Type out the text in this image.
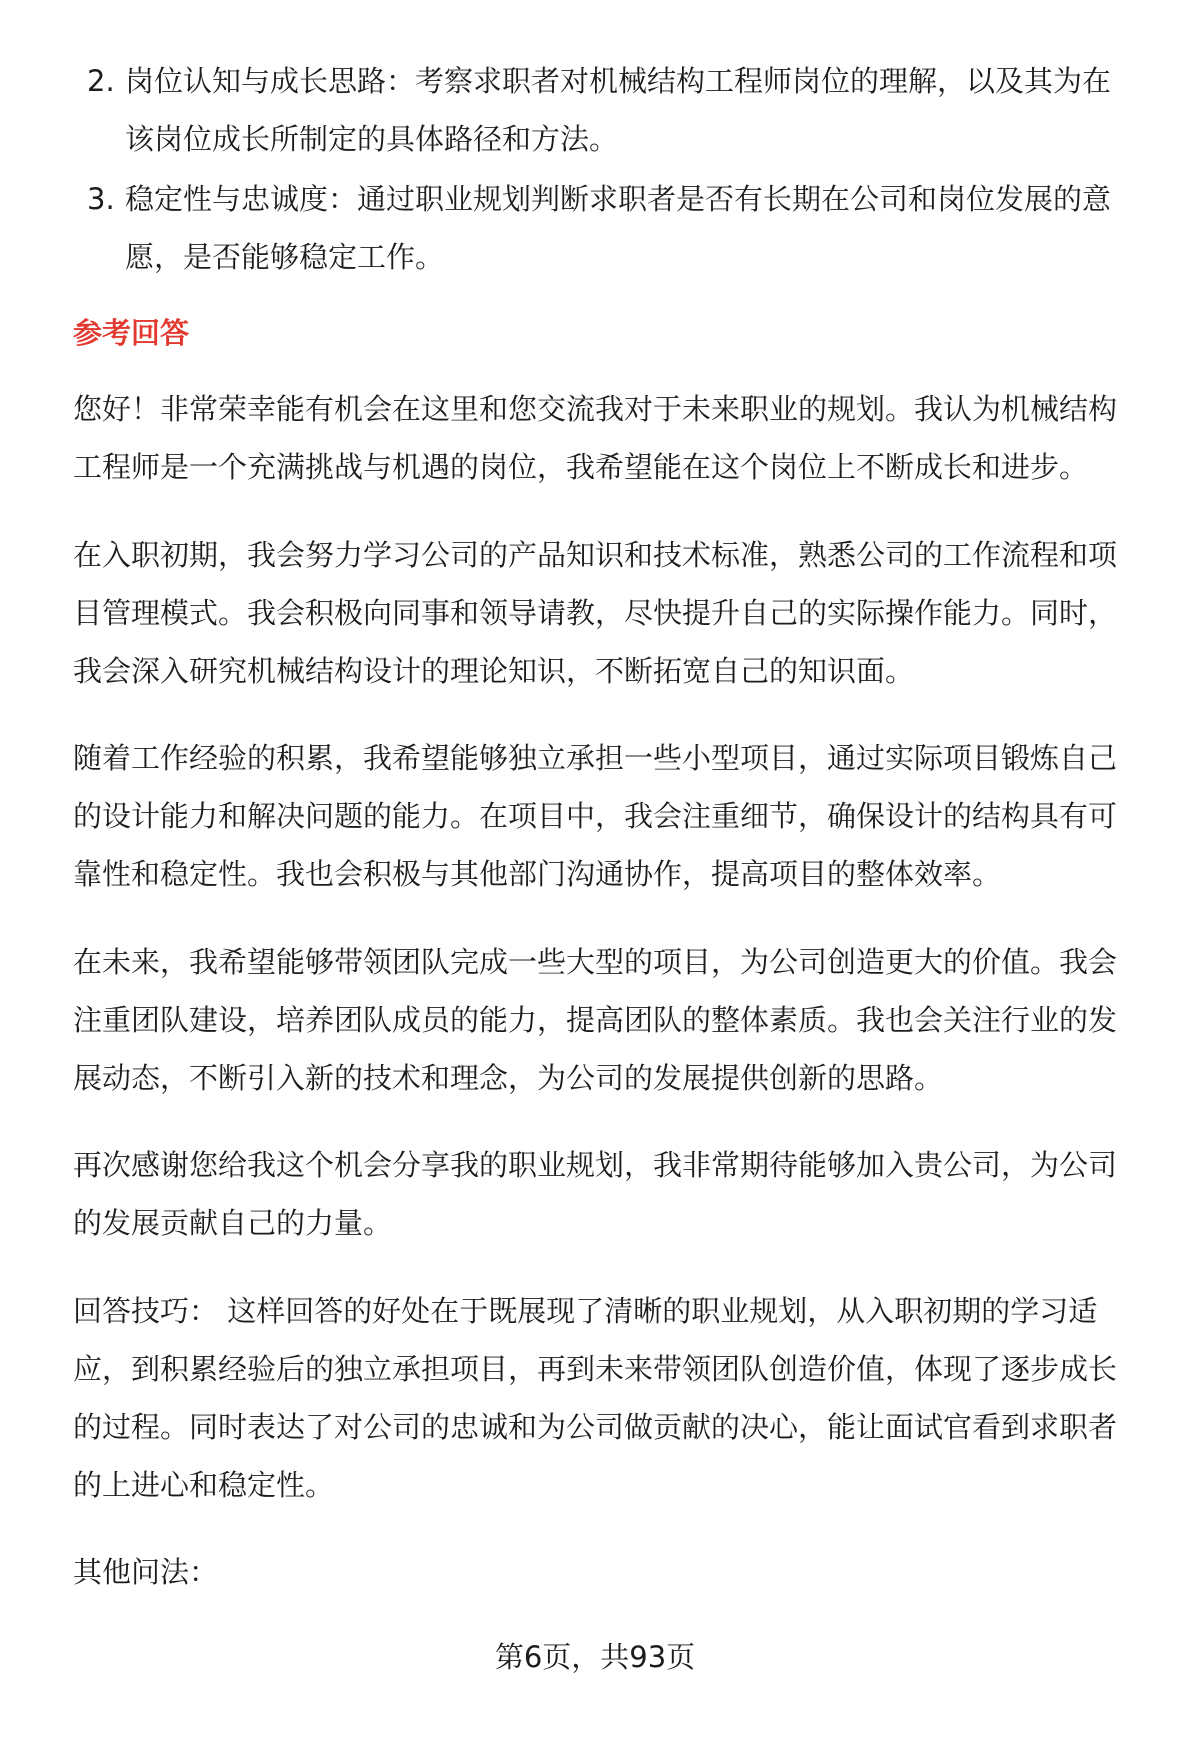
2. 岗位认知与成长思路：考察求职者对机械结构工程师岗位的理解，以及其为在该岗位成长所制定的具体路径和方法。
3. 稳定性与忠诚度：通过职业规划判断求职者是否有长期在公司和岗位发展的意愿，是否能够稳定工作。
参考回答

您好！非常荣幸能有机会在这里和您交流我对于未来职业的规划。我认为机械结构工程师是一个充满挑战与机遇的岗位，我希望能在这个岗位上不断成长和进步。

在入职初期，我会努力学习公司的产品知识和技术标准，熟悉公司的工作流程和项目管理模式。我会积极向同事和领导请教，尽快提升自己的实际操作能力。同时，我会深入研究机械结构设计的理论知识，不断拓宽自己的知识面。

随着工作经验的积累，我希望能够独立承担一些小型项目，通过实际项目锻炼自己的设计能力和解决问题的能力。在项目中，我会注重细节，确保设计的结构具有可靠性和稳定性。我也会积极与其他部门沟通协作，提高项目的整体效率。

在未来，我希望能够带领团队完成一些大型的项目，为公司创造更大的价值。我会注重团队建设，培养团队成员的能力，提高团队的整体素质。我也会关注行业的发展动态，不断引入新的技术和理念，为公司的发展提供创新的思路。

再次感谢您给我这个机会分享我的职业规划，我非常期待能够加入贵公司，为公司的发展贡献自己的力量。

回答技巧： 这样回答的好处在于既展现了清晰的职业规划，从入职初期的学习适应，到积累经验后的独立承担项目，再到未来带领团队创造价值，体现了逐步成长的过程。同时表达了对公司的忠诚和为公司做贡献的决心，能让面试官看到求职者的上进心和稳定性。

其他问法：

第6页，共93页
